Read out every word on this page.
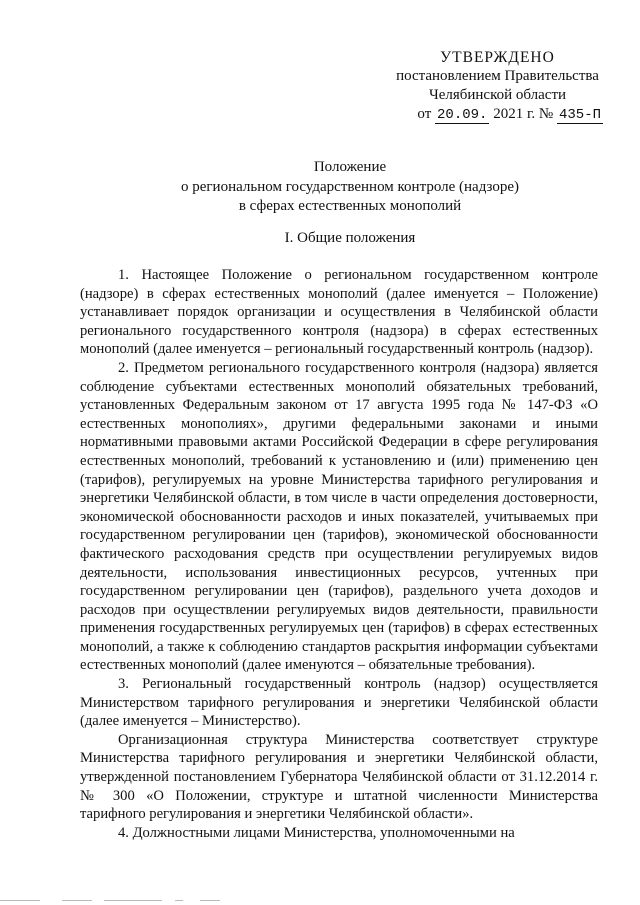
УТВЕРЖДЕНО
постановлением Правительства
Челябинской области
от 20.09. 2021 г. № 435-П
Положение
о региональном государственном контроле (надзоре)
в сферах естественных монополий
I. Общие положения

1. Настоящее Положение о региональном государственном контроле (надзоре) в сферах естественных монополий (далее именуется – Положение) устанавливает порядок организации и осуществления в Челябинской области регионального государственного контроля (надзора) в сферах естественных монополий (далее именуется – региональный государственный контроль (надзор).

2. Предметом регионального государственного контроля (надзора) является соблюдение субъектами естественных монополий обязательных требований, установленных Федеральным законом от 17 августа 1995 года № 147-ФЗ «О естественных монополиях», другими федеральными законами и иными нормативными правовыми актами Российской Федерации в сфере регулирования естественных монополий, требований к установлению и (или) применению цен (тарифов), регулируемых на уровне Министерства тарифного регулирования и энергетики Челябинской области, в том числе в части определения достоверности, экономической обоснованности расходов и иных показателей, учитываемых при государственном регулировании цен (тарифов), экономической обоснованности фактического расходования средств при осуществлении регулируемых видов деятельности, использования инвестиционных ресурсов, учтенных при государственном регулировании цен (тарифов), раздельного учета доходов и расходов при осуществлении регулируемых видов деятельности, правильности применения государственных регулируемых цен (тарифов) в сферах естественных монополий, а также к соблюдению стандартов раскрытия информации субъектами естественных монополий (далее именуются – обязательные требования).

3. Региональный государственный контроль (надзор) осуществляется Министерством тарифного регулирования и энергетики Челябинской области (далее именуется – Министерство).

Организационная структура Министерства соответствует структуре Министерства тарифного регулирования и энергетики Челябинской области, утвержденной постановлением Губернатора Челябинской области от 31.12.2014 г. № 300 «О Положении, структуре и штатной численности Министерства тарифного регулирования и энергетики Челябинской области».

4. Должностными лицами Министерства, уполномоченными на
